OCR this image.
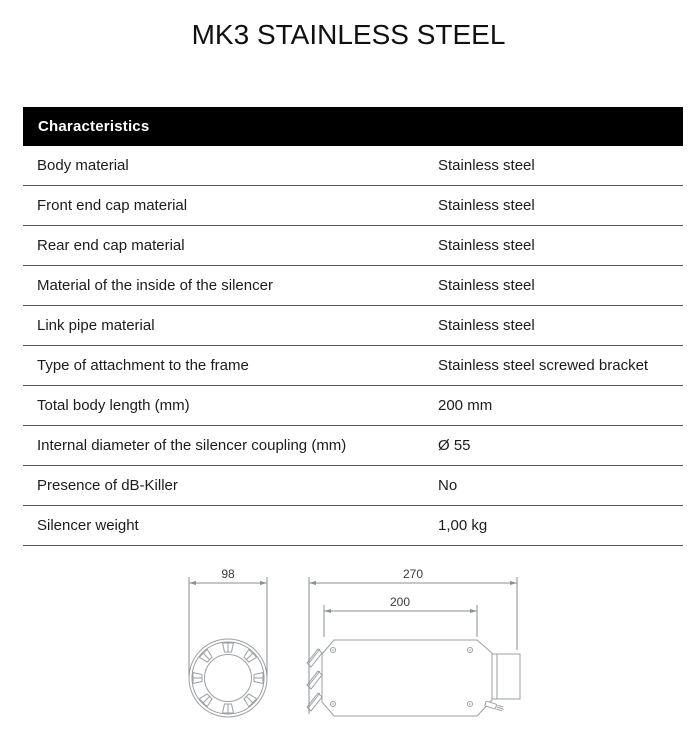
MK3 STAINLESS STEEL
Characteristics
Body material	Stainless steel
Front end cap material	Stainless steel
Rear end cap material	Stainless steel
Material of the inside of the silencer	Stainless steel
Link pipe material	Stainless steel
Type of attachment to the frame	Stainless steel screwed bracket
Total body length (mm)	200 mm
Internal diameter of the silencer coupling (mm)	Ø 55
Presence of dB-Killer	No
Silencer weight	1,00 kg
98	270
200
